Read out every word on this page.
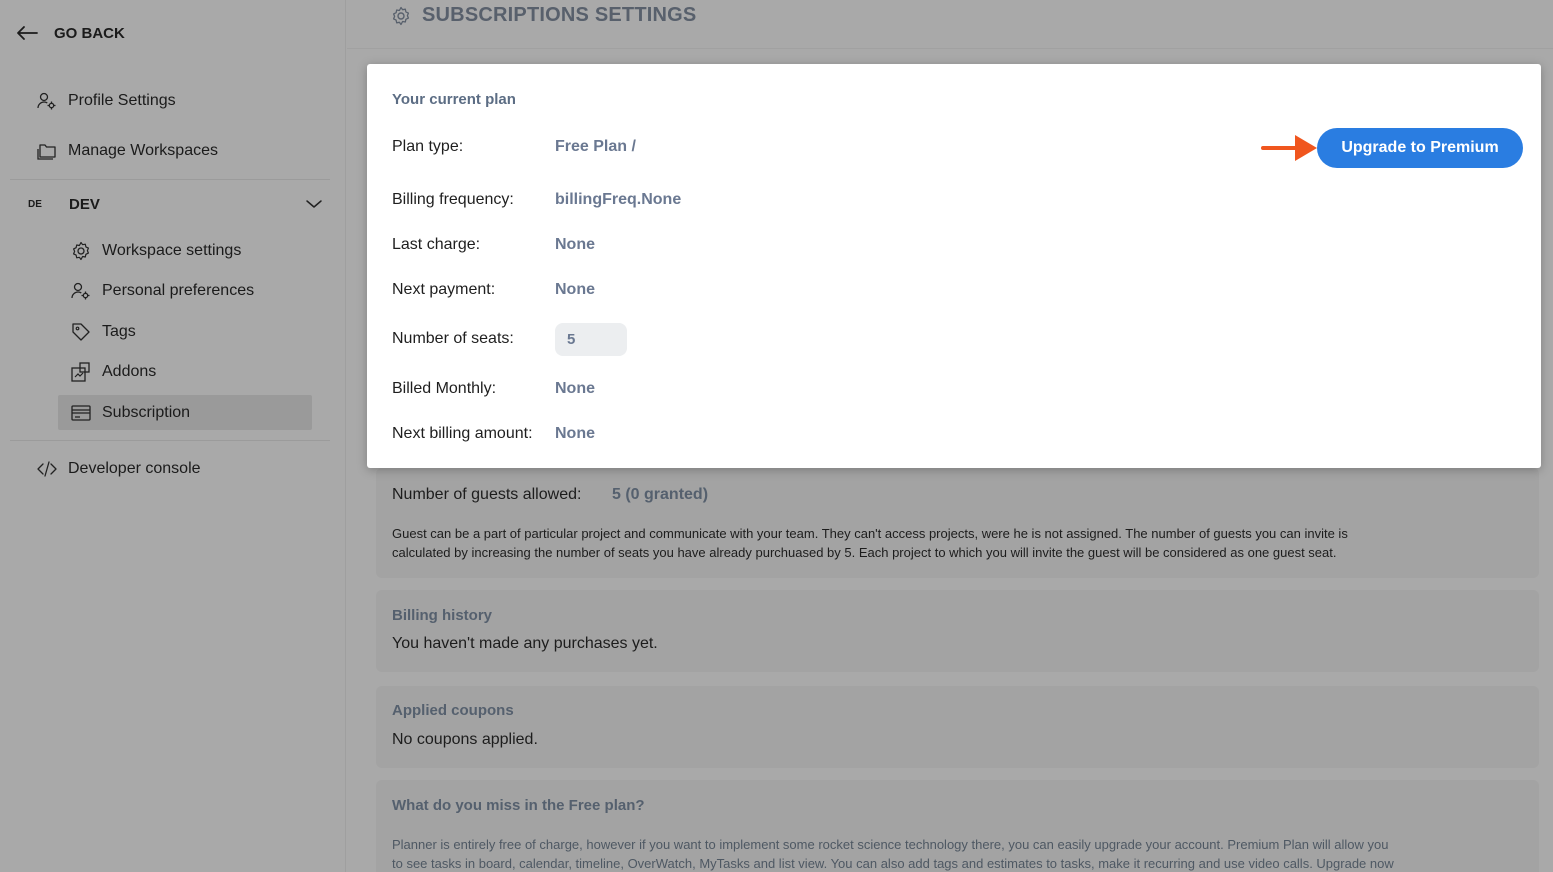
GO BACK
Profile Settings
Manage Workspaces
DE	DEV
Workspace settings
Personal preferences
Tags
Addons
Subscription
Developer console
SUBSCRIPTIONS SETTINGS
Number of guests allowed: 5 (0 granted)
Guest can be a part of particular project and communicate with your team. They can't access projects, were he is not assigned. The number of guests you can invite is
calculated by increasing the number of seats you have already purchuased by 5. Each project to which you will invite the guest will be considered as one guest seat.
Billing history
You haven't made any purchases yet.
Applied coupons
No coupons applied.
What do you miss in the Free plan?
Planner is entirely free of charge, however if you want to implement some rocket science technology there, you can easily upgrade your account. Premium Plan will allow you
to see tasks in board, calendar, timeline, OverWatch, MyTasks and list view. You can also add tags and estimates to tasks, make it recurring and use video calls. Upgrade now
Your current plan
Plan type:	Free Plan /
Billing frequency:	billingFreq.None
Last charge:	None
Next payment:	None
Number of seats:	5
Billed Monthly:	None
Next billing amount: None
Upgrade to Premium
